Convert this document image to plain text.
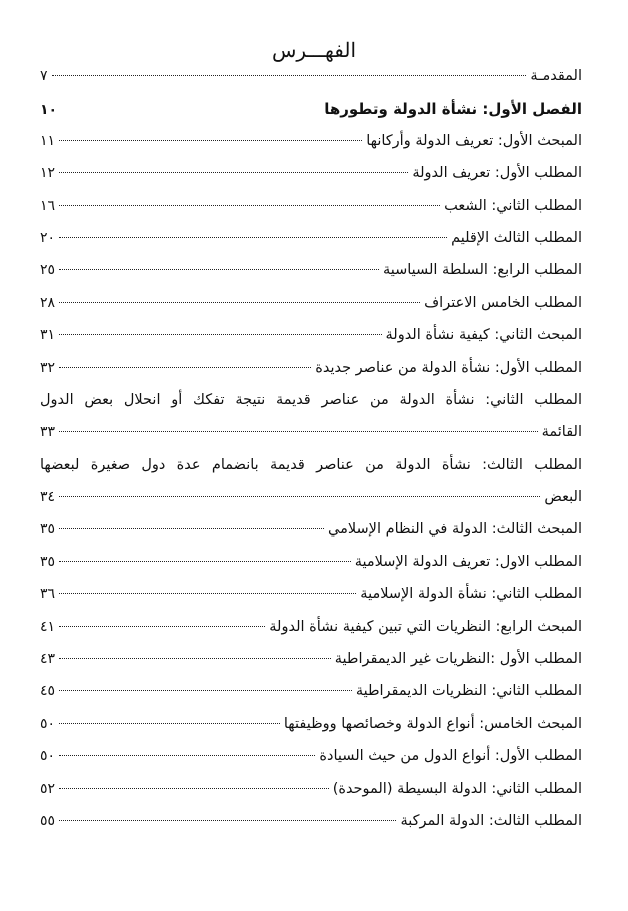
الفهـــرس
المقدمـة
٧
الفصل الأول: نشأة الدولة وتطورها
١٠
المبحث الأول: تعريف الدولة وأركانها
١١
المطلب الأول: تعريف الدولة
١٢
المطلب الثاني: الشعب
١٦
المطلب الثالث الإقليم
٢٠
المطلب الرابع: السلطة السياسية
٢٥
المطلب الخامس الاعتراف
٢٨
المبحث الثاني: كيفية نشأة الدولة
٣١
المطلب الأول: نشأة الدولة من عناصر جديدة
٣٢
المطلب الثاني: نشأة الدولة من عناصر قديمة نتيجة تفكك أو انحلال بعض الدول
القائمة
٣٣
المطلب الثالث: نشأة الدولة من عناصر قديمة بانضمام عدة دول صغيرة لبعضها
البعض
٣٤
المبحث الثالث: الدولة في النظام الإسلامي
٣٥
المطلب الاول: تعريف الدولة الإسلامية
٣٥
المطلب الثاني: نشأة الدولة الإسلامية
٣٦
المبحث الرابع: النظريات التي تبين كيفية نشأة الدولة
٤١
المطلب الأول :النظريات غير الديمقراطية
٤٣
المطلب الثاني: النظريات الديمقراطية
٤٥
المبحث الخامس: أنواع الدولة وخصائصها ووظيفتها
٥٠
المطلب الأول: أنواع الدول من حيث السيادة
٥٠
المطلب الثاني: الدولة البسيطة (الموحدة)
٥٢
المطلب الثالث: الدولة المركبة
٥٥
